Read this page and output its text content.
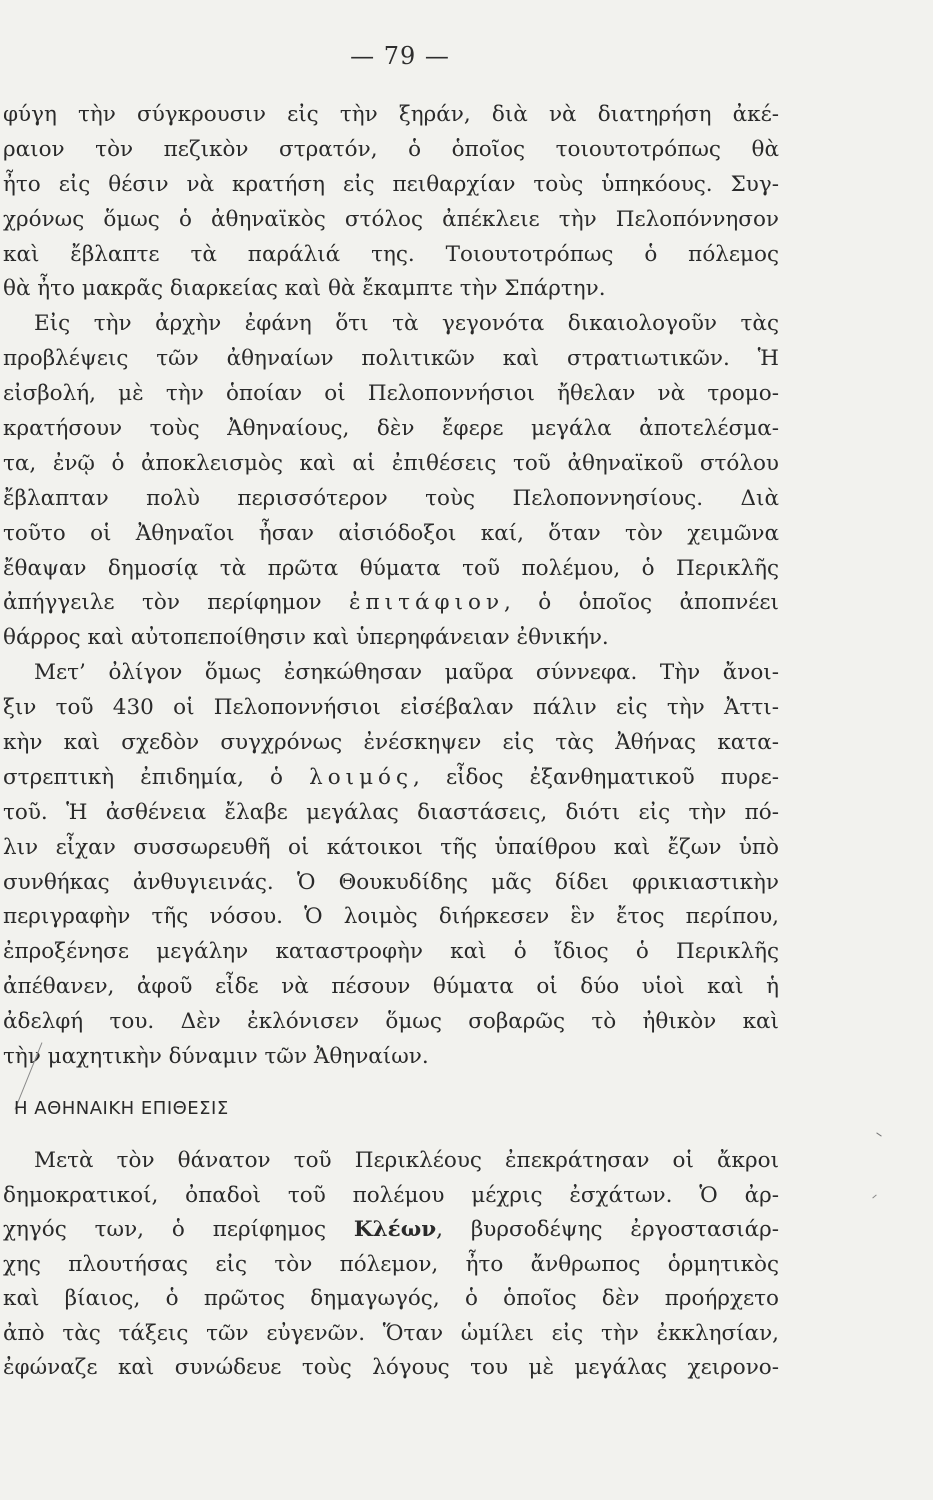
— 79 —
φύγη τὴν σύγκρουσιν εἰς τὴν ξηράν, διὰ νὰ διατηρήση ἀκέ-
ραιον τὸν πεζικὸν στρατόν, ὁ ὁποῖος τοιουτοτρόπως θὰ
ἦτο εἰς θέσιν νὰ κρατήση εἰς πειθαρχίαν τοὺς ὑπηκόους. Συγ-
χρόνως ὅμως ὁ ἀθηναϊκὸς στόλος ἀπέκλειε τὴν Πελοπόννησον
καὶ ἔβλαπτε τὰ παράλιά της. Τοιουτοτρόπως ὁ πόλεμος
θὰ ἦτο μακρᾶς διαρκείας καὶ θὰ ἔκαμπτε τὴν Σπάρτην.
Εἰς τὴν ἀρχὴν ἐφάνη ὅτι τὰ γεγονότα δικαιολογοῦν τὰς
προβλέψεις τῶν ἀθηναίων πολιτικῶν καὶ στρατιωτικῶν. Ἡ
εἰσβολή, μὲ τὴν ὁποίαν οἱ Πελοποννήσιοι ἤθελαν νὰ τρομο-
κρατήσουν τοὺς Ἀθηναίους, δὲν ἔφερε μεγάλα ἀποτελέσμα-
τα, ἐνῷ ὁ ἀποκλεισμὸς καὶ αἱ ἐπιθέσεις τοῦ ἀθηναϊκοῦ στόλου
ἔβλαπταν πολὺ περισσότερον τοὺς Πελοποννησίους. Διὰ
τοῦτο οἱ Ἀθηναῖοι ἦσαν αἰσιόδοξοι καί, ὅταν τὸν χειμῶνα
ἔθαψαν δημοσίᾳ τὰ πρῶτα θύματα τοῦ πολέμου, ὁ Περικλῆς
ἀπήγγειλε τὸν περίφημον ἐπιτάφιον, ὁ ὁποῖος ἀποπνέει
θάρρος καὶ αὐτοπεποίθησιν καὶ ὑπερηφάνειαν ἐθνικήν.
Μετ’ ὀλίγον ὅμως ἐσηκώθησαν μαῦρα σύννεφα. Τὴν ἄνοι-
ξιν τοῦ 430 οἱ Πελοποννήσιοι εἰσέβαλαν πάλιν εἰς τὴν Ἀττι-
κὴν καὶ σχεδὸν συγχρόνως ἐνέσκηψεν εἰς τὰς Ἀθήνας κατα-
στρεπτικὴ ἐπιδημία, ὁ λοιμός, εἶδος ἐξανθηματικοῦ πυρε-
τοῦ. Ἡ ἀσθένεια ἔλαβε μεγάλας διαστάσεις, διότι εἰς τὴν πό-
λιν εἶχαν συσσωρευθῆ οἱ κάτοικοι τῆς ὑπαίθρου καὶ ἔζων ὑπὸ
συνθήκας ἀνθυγιεινάς. Ὁ Θουκυδίδης μᾶς δίδει φρικιαστικὴν
περιγραφὴν τῆς νόσου. Ὁ λοιμὸς διήρκεσεν ἓν ἔτος περίπου,
ἐπροξένησε μεγάλην καταστροφὴν καὶ ὁ ἴδιος ὁ Περικλῆς
ἀπέθανεν, ἀφοῦ εἶδε νὰ πέσουν θύματα οἱ δύο υἱοὶ καὶ ἡ
ἀδελφή του. Δὲν ἐκλόνισεν ὅμως σοβαρῶς τὸ ἠθικὸν καὶ
τὴν μαχητικὴν δύναμιν τῶν Ἀθηναίων.
Η ΑΘΗΝΑΙΚΗ ΕΠΙΘΕΣΙΣ
Μετὰ τὸν θάνατον τοῦ Περικλέους ἐπεκράτησαν οἱ ἄκροι
δημοκρατικοί, ὀπαδοὶ τοῦ πολέμου μέχρις ἐσχάτων. Ὁ ἀρ-
χηγός των, ὁ περίφημος Κλέων, βυρσοδέψης ἐργοστασιάρ-
χης πλουτήσας εἰς τὸν πόλεμον, ἦτο ἄνθρωπος ὁρμητικὸς
καὶ βίαιος, ὁ πρῶτος δημαγωγός, ὁ ὁποῖος δὲν προήρχετο
ἀπὸ τὰς τάξεις τῶν εὐγενῶν. Ὅταν ὡμίλει εἰς τὴν ἐκκλησίαν,
ἐφώναζε καὶ συνώδευε τοὺς λόγους του μὲ μεγάλας χειρονο-
